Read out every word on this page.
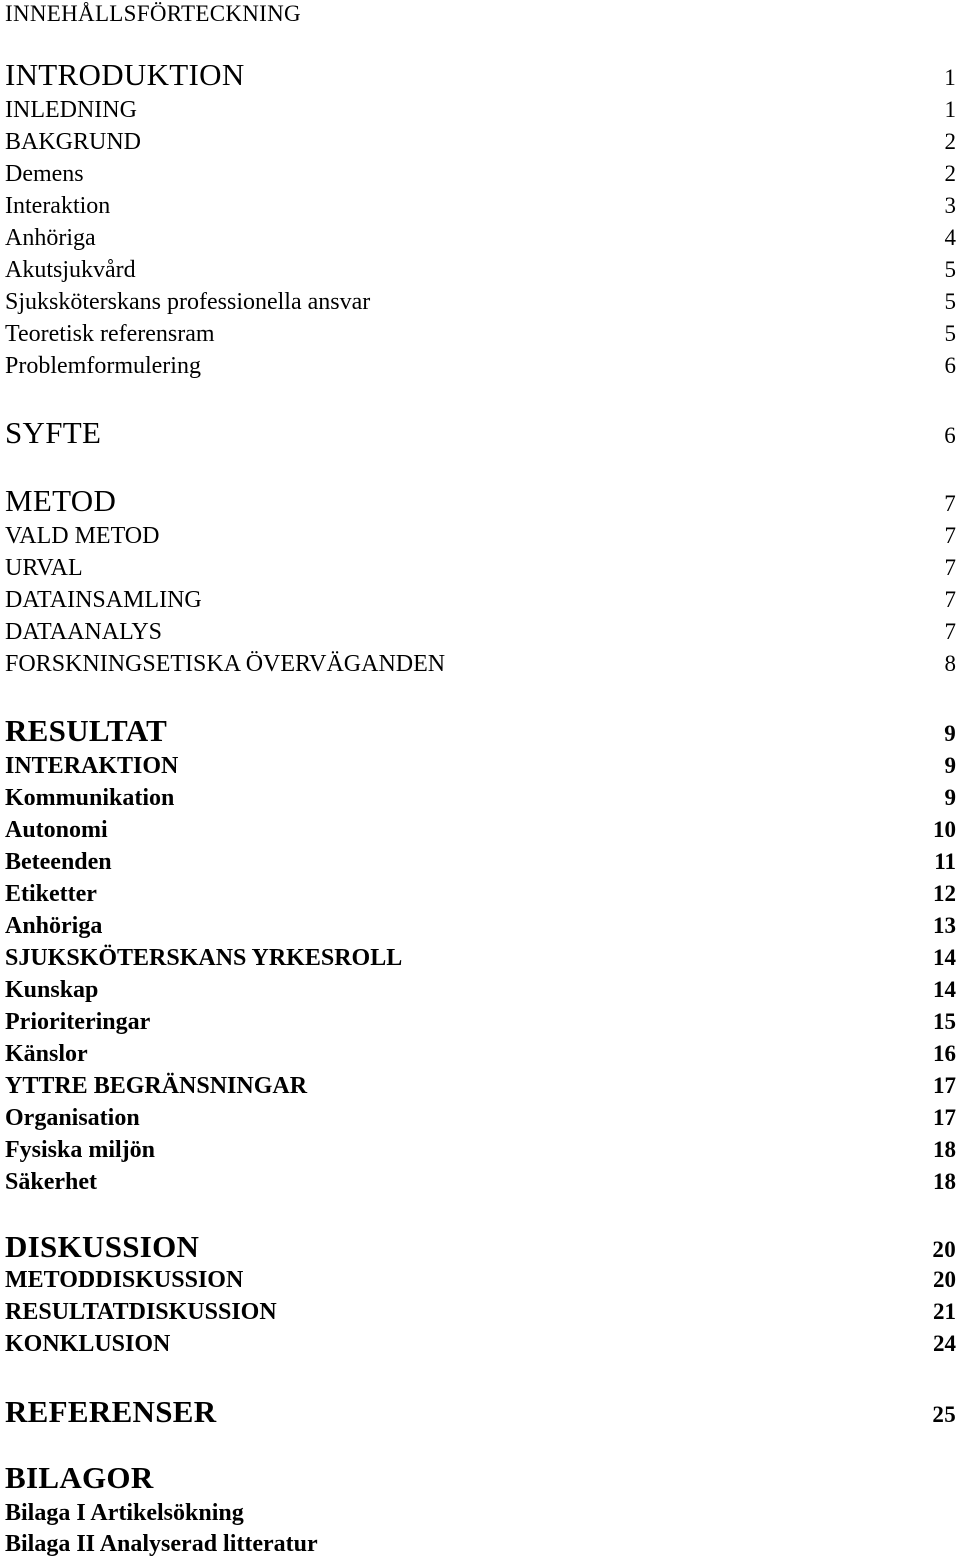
INNEHÅLLSFÖRTECKNING
INTRODUKTION	1
INLEDNING	1
BAKGRUND	2
Demens	2
Interaktion	3
Anhöriga	4
Akutsjukvård	5
Sjuksköterskans professionella ansvar	5
Teoretisk referensram	5
Problemformulering	6
SYFTE	6
METOD	7
VALD METOD	7
URVAL	7
DATAINSAMLING	7
DATAANALYS	7
FORSKNINGSETISKA ÖVERVÄGANDEN	8
RESULTAT	9
INTERAKTION	9
Kommunikation	9
Autonomi	10
Beteenden	11
Etiketter	12
Anhöriga	13
SJUKSKÖTERSKANS YRKESROLL	14
Kunskap	14
Prioriteringar	15
Känslor	16
YTTRE BEGRÄNSNINGAR	17
Organisation	17
Fysiska miljön	18
Säkerhet	18
DISKUSSION	20
METODDISKUSSION	20
RESULTATDISKUSSION	21
KONKLUSION	24
REFERENSER	25
BILAGOR
Bilaga I Artikelsökning
Bilaga II Analyserad litteratur
